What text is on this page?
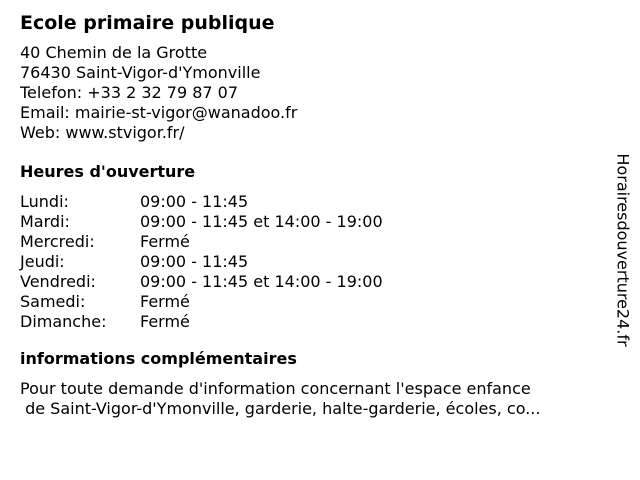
Ecole primaire publique
40 Chemin de la Grotte
76430 Saint-Vigor-d'Ymonville
Telefon: +33 2 32 79 87 07
Email: mairie-st-vigor@wanadoo.fr
Web: www.stvigor.fr/
Heures d'ouverture
Lundi:	09:00 - 11:45
Mardi:	09:00 - 11:45 et 14:00 - 19:00
Mercredi:	Fermé
Jeudi:	09:00 - 11:45
Vendredi:	09:00 - 11:45 et 14:00 - 19:00
Samedi:	Fermé
Dimanche:	Fermé
informations complémentaires
Pour toute demande d'information concernant l'espace enfance
de Saint-Vigor-d'Ymonville, garderie, halte-garderie, écoles, co...
Horairesdouverture24.fr
